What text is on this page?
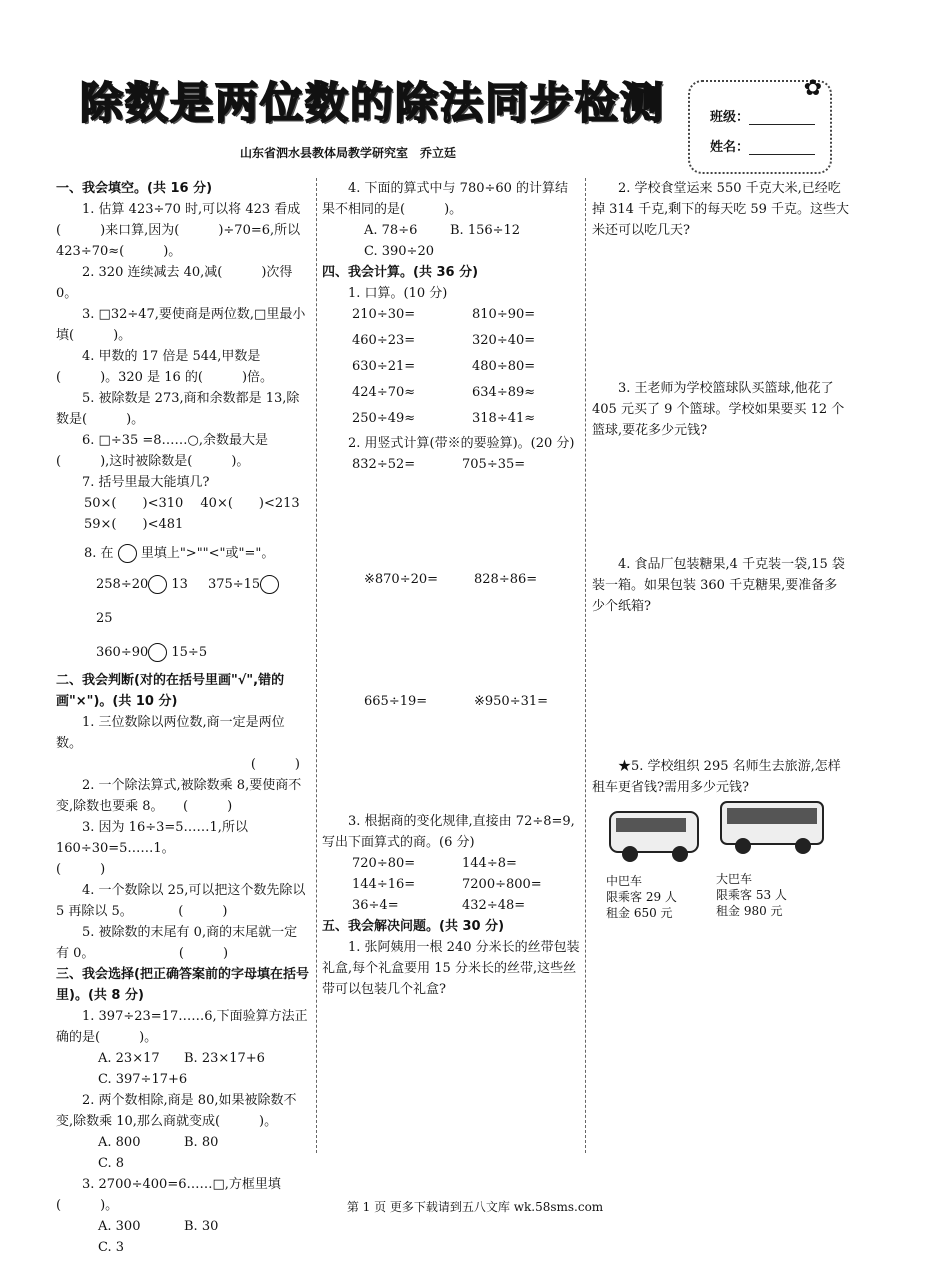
除数是两位数的除法同步检测
山东省泗水县教体局教学研究室　乔立廷
✿
班级：
姓名：

一、我会填空。(共 16 分)

1. 估算 423÷70 时,可以将 423 看成(　　　)来口算,因为(　　　)÷70=6,所以 423÷70≈(　　　)。

2. 320 连续减去 40,减(　　　)次得 0。

3. □32÷47,要使商是两位数,□里最小填(　　　)。

4. 甲数的 17 倍是 544,甲数是(　　　)。320 是 16 的(　　　)倍。

5. 被除数是 273,商和余数都是 13,除数是(　　　)。

6. □÷35 =8……○,余数最大是(　　　),这时被除数是(　　　)。

7. 括号里最大能填几?

50×(　　)<310　 40×(　　)<213

59×(　　)<481

8. 在 里填上">""<"或"="。
258÷20 13 375÷15 25
360÷90 15÷5

二、我会判断(对的在括号里画"√",错的画"×")。(共 10 分)

1. 三位数除以两位数,商一定是两位数。

(　　　)

2. 一个除法算式,被除数乘 8,要使商不变,除数也要乘 8。　　(　　　)

3. 因为 16÷3=5……1,所以 160÷30=5……1。　　　　　　　　(　　　)

4. 一个数除以 25,可以把这个数先除以 5 再除以 5。　　　　(　　　)

5. 被除数的末尾有 0,商的末尾就一定有 0。　　　　　　　(　　　)

三、我会选择(把正确答案前的字母填在括号里)。(共 8 分)

1. 397÷23=17……6,下面验算方法正确的是(　　　)。

A. 23×17 B. 23×17+6
C. 397÷17+6

2. 两个数相除,商是 80,如果被除数不变,除数乘 10,那么商就变成(　　　)。

A. 800	B. 80C. 8

3. 2700÷400=6……□,方框里填(　　　)。

A. 300	B. 30C. 3

4. 下面的算式中与 780÷60 的计算结果不相同的是(　　　)。

A. 78÷6	B. 156÷12
C. 390÷20

四、我会计算。(共 36 分)

1. 口算。(10 分)

210÷30=	810÷90=
460÷23=	320÷40=
630÷21=	480÷80=
424÷70≈	634÷89≈
250÷49≈	318÷41≈

2. 用竖式计算(带※的要验算)。(20 分)

832÷52=	705÷35=
※870÷20=	828÷86=
665÷19=	※950÷31=

3. 根据商的变化规律,直接由 72÷8=9,写出下面算式的商。(6 分)

720÷80=	144÷8=
144÷16=	7200÷800=
36÷4=	432÷48=

五、我会解决问题。(共 30 分)

1. 张阿姨用一根 240 分米长的丝带包装礼盒,每个礼盒要用 15 分米长的丝带,这些丝带可以包装几个礼盒?

2. 学校食堂运来 550 千克大米,已经吃掉 314 千克,剩下的每天吃 59 千克。这些大米还可以吃几天?

3. 王老师为学校篮球队买篮球,他花了 405 元买了 9 个篮球。学校如果要买 12 个篮球,要花多少元钱?

4. 食品厂包装糖果,4 千克装一袋,15 袋装一箱。如果包装 360 千克糖果,要准备多少个纸箱?

★5. 学校组织 295 名师生去旅游,怎样租车更省钱?需用多少元钱?

中巴车
限乘客 29 人
租金 650 元
大巴车
限乘客 53 人
租金 980 元
第 1 页 更多下载请到五八文库 wk.58sms.com
